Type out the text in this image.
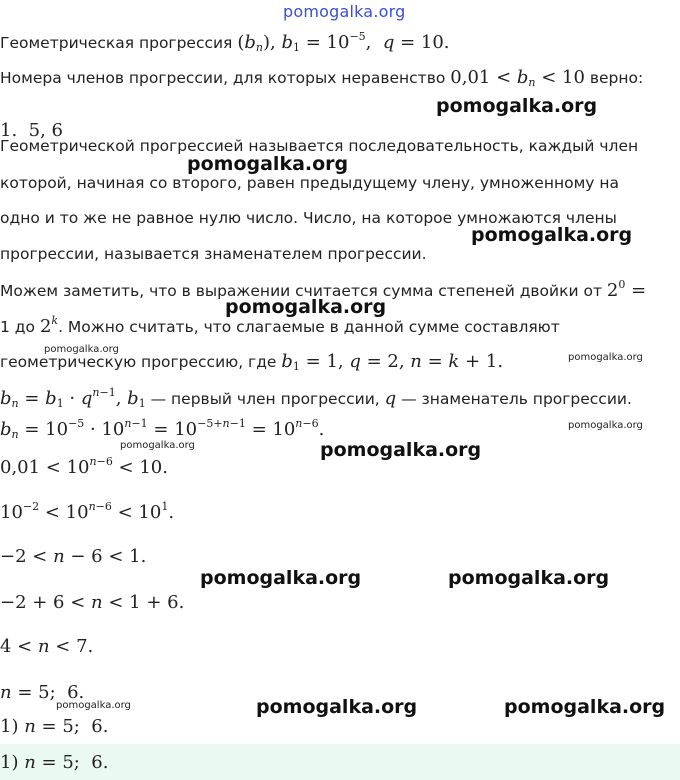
pomogalka.org
Геометрическая прогрессия $(b_n)$, $b_1 = 10^{-5}$,  q = 10.
Номера членов прогрессии, для которых неравенство $0,01 < b_n < 10$ верно:
1.  5, 6
Геометрической прогрессией называется последовательность, каждый член
которой, начиная со второго, равен предыдущему члену, умноженному на
одно и то же не равное нулю число. Число, на которое умножаются члены
прогрессии, называется знаменателем прогрессии.
Можем заметить, что в выражении считается сумма степеней двойки от $2^0$ =
1 до 2$^k$. Можно считать, что слагаемые в данной сумме составляют
геометрическую прогрессию, где $b_1 = 1$, q = 2, n = k + 1.
$b_n = b_1 \cdot q^{n-1}$, $b_1$ — первый член прогрессии, q — знаменатель прогрессии.
$b_n = 10^{-5} \cdot 10^{n-1} = 10^{-5+n-1} = 10^{n-6}$.
$0,01 < 10^{n-6} < 10$.
$10^{-2} < 10^{n-6} < 10^1$.
−2 < n − 6 < 1.
−2 + 6 < n < 1 + 6.
4 < n < 7.
n = 5;  6.
1) n = 5;  6.
1) n = 5;  6.
pomogalka.org
pomogalka.org
pomogalka.org
pomogalka.org
pomogalka.org
pomogalka.org
pomogalka.org
pomogalka.org	pomogalka.org
pomogalka.org	pomogalka.org
pomogalka.org	pomogalka.org	pomogalka.org
